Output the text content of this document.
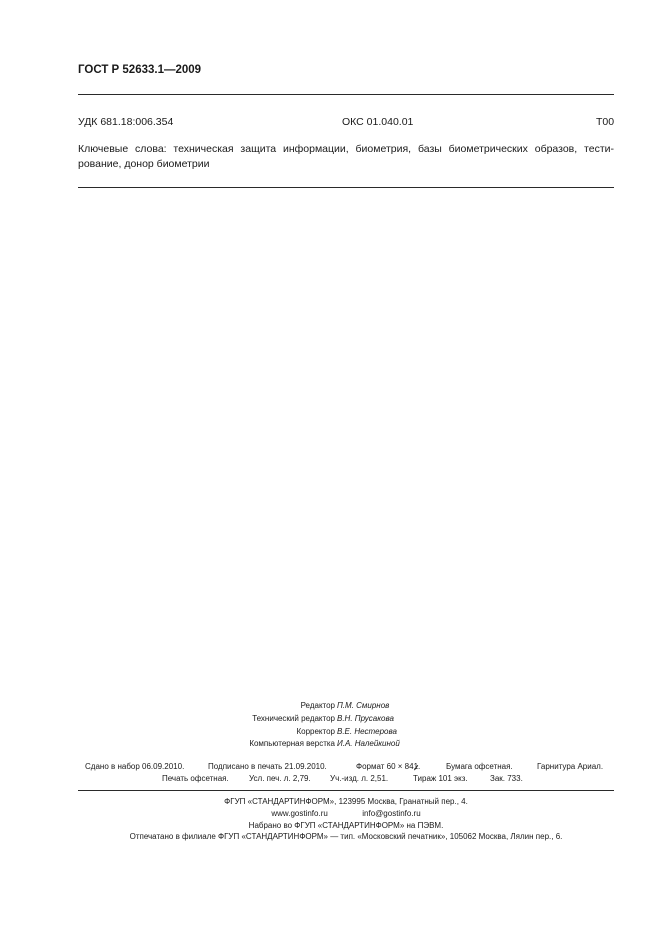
ГОСТ Р 52633.1—2009
УДК 681.18:006.354	ОКС 01.040.01	Т00
Ключевые слова: техническая защита информации, биометрия, базы биометрических образов, тести-
рование, донор биометрии
Редактор П.М. Смирнов
Технический редактор В.Н. Прусакова
Корректор В.Е. Нестерова
Компьютерная верстка И.А. Налейкиной
Сдано в набор 06.09.2010.	Подписано в печать 21.09.2010.	Формат 60 × 841.	Бумага офсетная.	Гарнитура Ариал.
Печать офсетная.	Усл. печ. л. 2,79. Уч.-изд. л. 2,51.	Тираж 101 экз.	Зак. 733.
ФГУП «СТАНДАРТИНФОРМ», 123995 Москва, Гранатный пер., 4.
www.gostinfo.ru	info@gostinfo.ru
Набрано во ФГУП «СТАНДАРТИНФОРМ» на ПЭВМ.
Отпечатано в филиале ФГУП «СТАНДАРТИНФОРМ» — тип. «Московский печатник», 105062 Москва, Лялин пер., 6.
